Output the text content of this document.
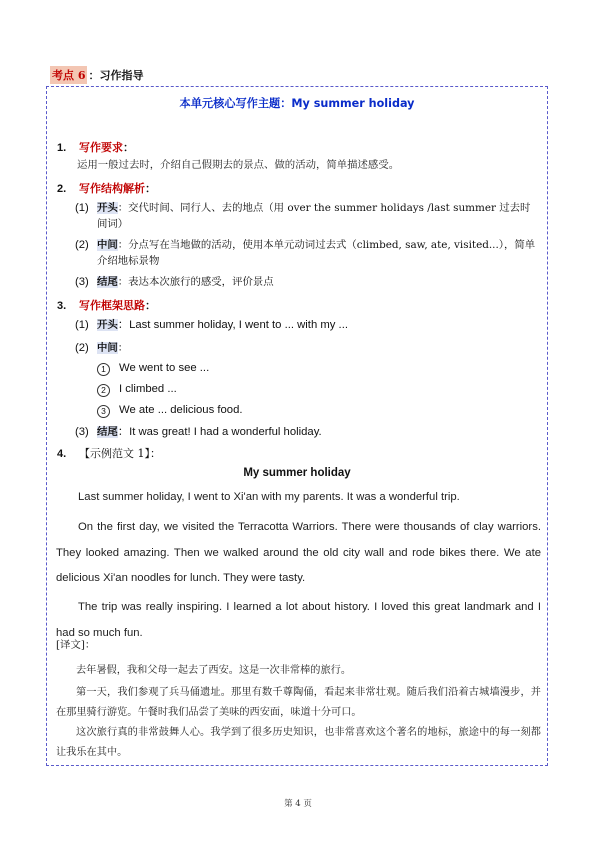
考点 6 ：习作指导
本单元核心写作主题：My summer holiday
1. 写作要求：
运用一般过去时，介绍自己假期去的景点、做的活动，简单描述感受。
2. 写作结构解析：
(1) 开头：交代时间、同行人、去的地点（用 over the summer holidays /last summer 过去时间词）
(2) 中间：分点写在当地做的活动，使用本单元动词过去式（climbed, saw, ate, visited...），简单介绍地标景物
(3) 结尾：表达本次旅行的感受，评价景点
3. 写作框架思路：
(1) 开头：Last summer holiday, I went to ... with my ...
(2) 中间：
1 We went to see ...
2 I climbed ...
3 We ate ... delicious food.
(3) 结尾：It was great! I had a wonderful holiday.
4. 【示例范文 1】：
My summer holiday
Last summer holiday, I went to Xi'an with my parents. It was a wonderful trip.
On the first day, we visited the Terracotta Warriors. There were thousands of clay warriors. They looked amazing. Then we walked around the old city wall and rode bikes there. We ate delicious Xi'an noodles for lunch. They were tasty.
The trip was really inspiring. I learned a lot about history. I loved this great landmark and I had so much fun.
[译文]：
去年暑假，我和父母一起去了西安。这是一次非常棒的旅行。
第一天，我们参观了兵马俑遗址。那里有数千尊陶俑，看起来非常壮观。随后我们沿着古城墙漫步，并在那里骑行游览。午餐时我们品尝了美味的西安面，味道十分可口。
这次旅行真的非常鼓舞人心。我学到了很多历史知识，也非常喜欢这个著名的地标，旅途中的每一刻都让我乐在其中。
第 4 页
